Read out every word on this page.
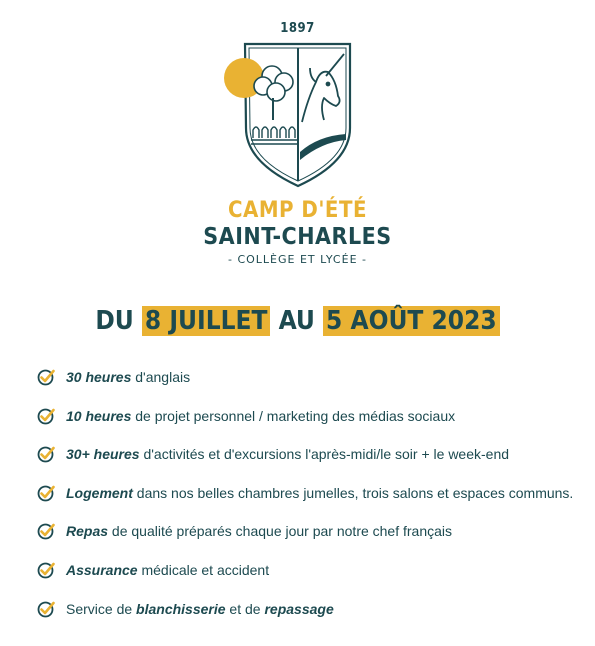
1897
CAMP D'ÉTÉ
SAINT-CHARLES
- COLLÈGE ET LYCÉE -
DU 8 JUILLET AU 5 AOÛT 2023
30 heures d'anglais
10 heures de projet personnel / marketing des médias sociaux
30+ heures d'activités et d'excursions l'après-midi/le soir + le week-end
Logement dans nos belles chambres jumelles, trois salons et espaces communs.
Repas de qualité préparés chaque jour par notre chef français
Assurance médicale et accident
Service de blanchisserie et de repassage
